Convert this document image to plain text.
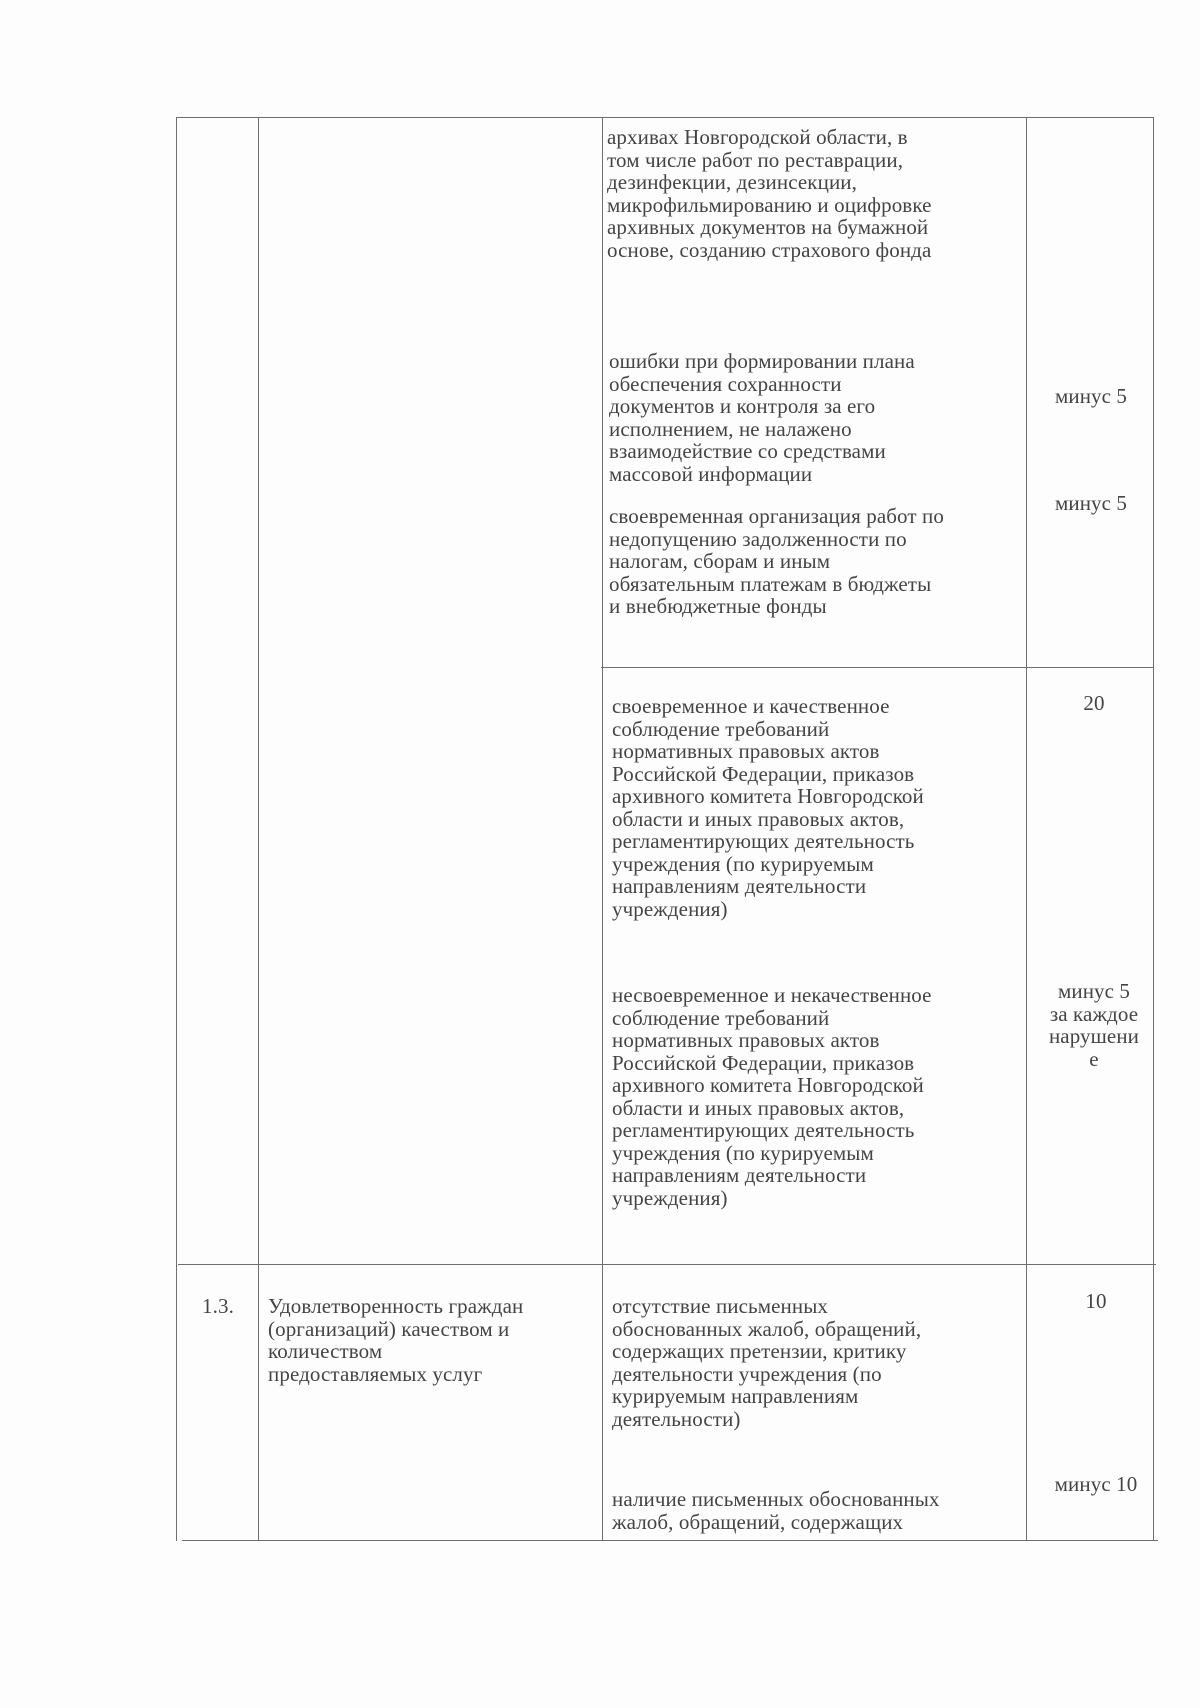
архивах Новгородской области, в
том числе работ по реставрации,
дезинфекции, дезинсекции,
микрофильмированию и оцифровке
архивных документов на бумажной
основе, созданию страхового фонда
ошибки при формировании плана
обеспечения сохранности
документов и контроля за его
исполнением, не налажено
взаимодействие со средствами
массовой информации
минус 5
своевременная организация работ по
недопущению задолженности по
налогам, сборам и иным
обязательным платежам в бюджеты
и внебюджетные фонды
минус 5
своевременное и качественное
соблюдение требований
нормативных правовых актов
Российской Федерации, приказов
архивного комитета Новгородской
области и иных правовых актов,
регламентирующих деятельность
учреждения (по курируемым
направлениям деятельности
учреждения)
20
несвоевременное и некачественное
соблюдение требований
нормативных правовых актов
Российской Федерации, приказов
архивного комитета Новгородской
области и иных правовых актов,
регламентирующих деятельность
учреждения (по курируемым
направлениям деятельности
учреждения)
минус 5
за каждое
нарушени
е
1.3.	Удовлетворенность граждан
(организаций) качеством и
количеством
предоставляемых услуг
отсутствие письменных
обоснованных жалоб, обращений,
содержащих претензии, критику
деятельности учреждения (по
курируемым направлениям
деятельности)
10
наличие письменных обоснованных
жалоб, обращений, содержащих
минус 10
